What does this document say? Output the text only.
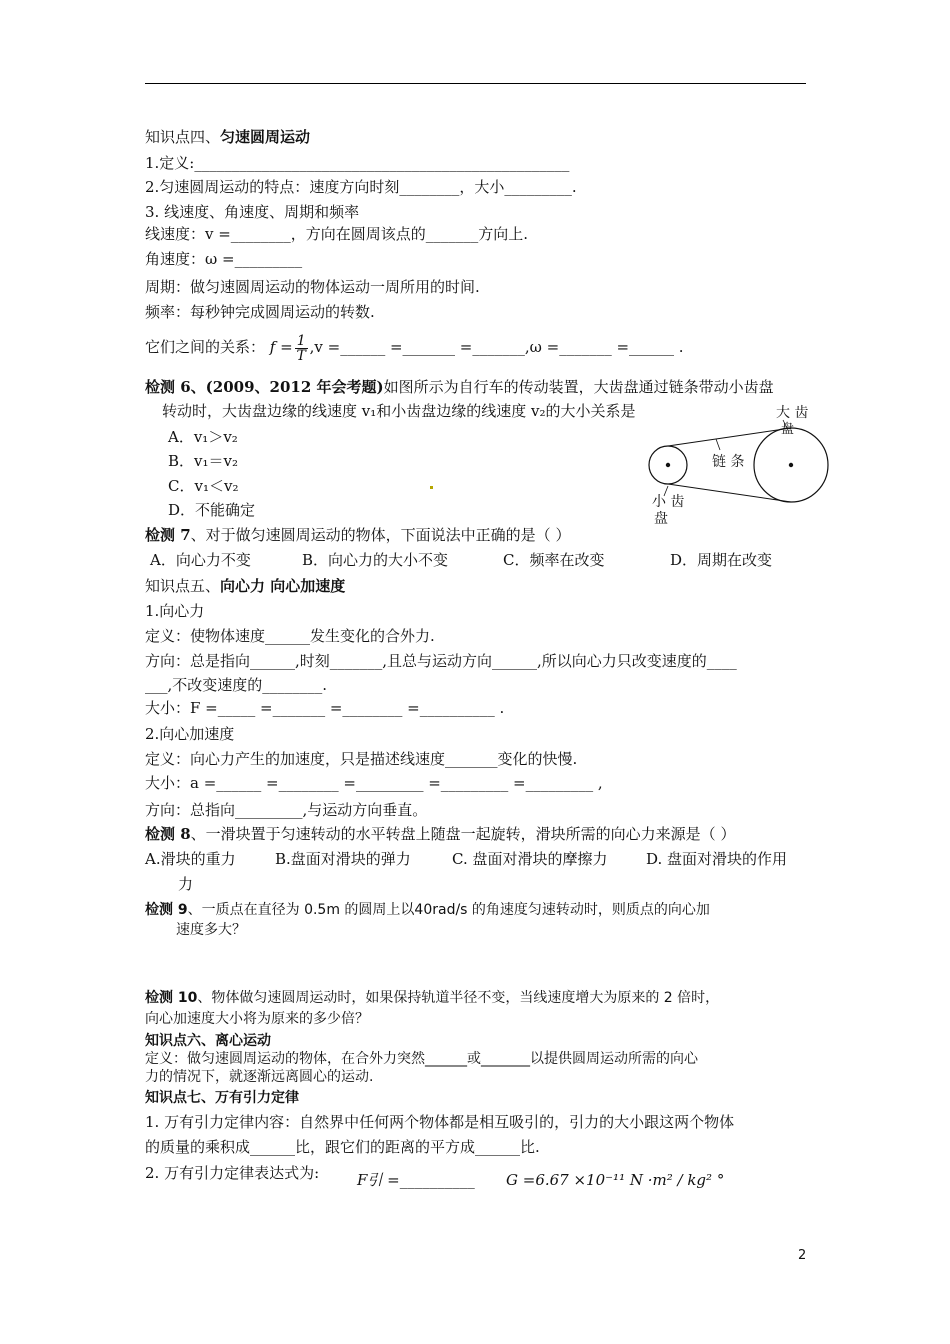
知识点四、匀速圆周运动
1.定义:__________________________________________________
2.匀速圆周运动的特点：速度方向时刻________，大小_________.
3. 线速度、角速度、周期和频率
线速度：v =________，方向在圆周该点的_______方向上.
角速度：ω =_________
周期：做匀速圆周运动的物体运动一周所用的时间.
频率：每秒钟完成圆周运动的转数.
它们之间的关系： $f = \frac{1}{T} ,v$ =______ =_______ =_______,ω =_______ =______ .
检测 6、(2009、2012 年会考题)如图所示为自行车的传动装置，大齿盘通过链条带动小齿盘
转动时，大齿盘边缘的线速度 v₁和小齿盘边缘的线速度 v₂的大小关系是
A．v₁＞v₂
B．v₁＝v₂
C．v₁＜v₂
D．不能确定
大 齿
盘
链 条
小 齿
盘
检测 7、对于做匀速圆周运动的物体，下面说法中正确的是（ ）
A．向心力不变	B．向心力的大小不变	C．频率在改变	D．周期在改变
知识点五、向心力 向心加速度
1.向心力
定义：使物体速度______发生变化的合外力.
方向：总是指向______,时刻_______,且总与运动方向______,所以向心力只改变速度的____
___,不改变速度的________.
大小：F =_____ =_______ =________ =__________ .
2.向心加速度
定义：向心力产生的加速度，只是描述线速度_______变化的快慢.
大小：a =______ =________ =_________ =_________ =_________ ,
方向：总指向_________,与运动方向垂直。
检测 8、一滑块置于匀速转动的水平转盘上随盘一起旋转，滑块所需的向心力来源是（ ）
A.滑块的重力	B.盘面对滑块的弹力	C. 盘面对滑块的摩擦力	D. 盘面对滑块的作用
力
检测 9、一质点在直径为 0.5m 的圆周上以40rad/s 的角速度匀速转动时，则质点的向心加
速度多大？
检测 10、物体做匀速圆周运动时，如果保持轨道半径不变，当线速度增大为原来的 2 倍时，
向心加速度大小将为原来的多少倍？
知识点六、离心运动
定义：做匀速圆周运动的物体，在合外力突然______或_______以提供圆周运动所需的向心
力的情况下，就逐渐远离圆心的运动.
知识点七、万有引力定律
1. 万有引力定律内容：自然界中任何两个物体都是相互吸引的，引力的大小跟这两个物体
的质量的乘积成______比，跟它们的距离的平方成______比.
2. 万有引力定律表达式为:	F引 =__________ G =6.67 ×10⁻¹¹ N ·m² / kg² °
2
